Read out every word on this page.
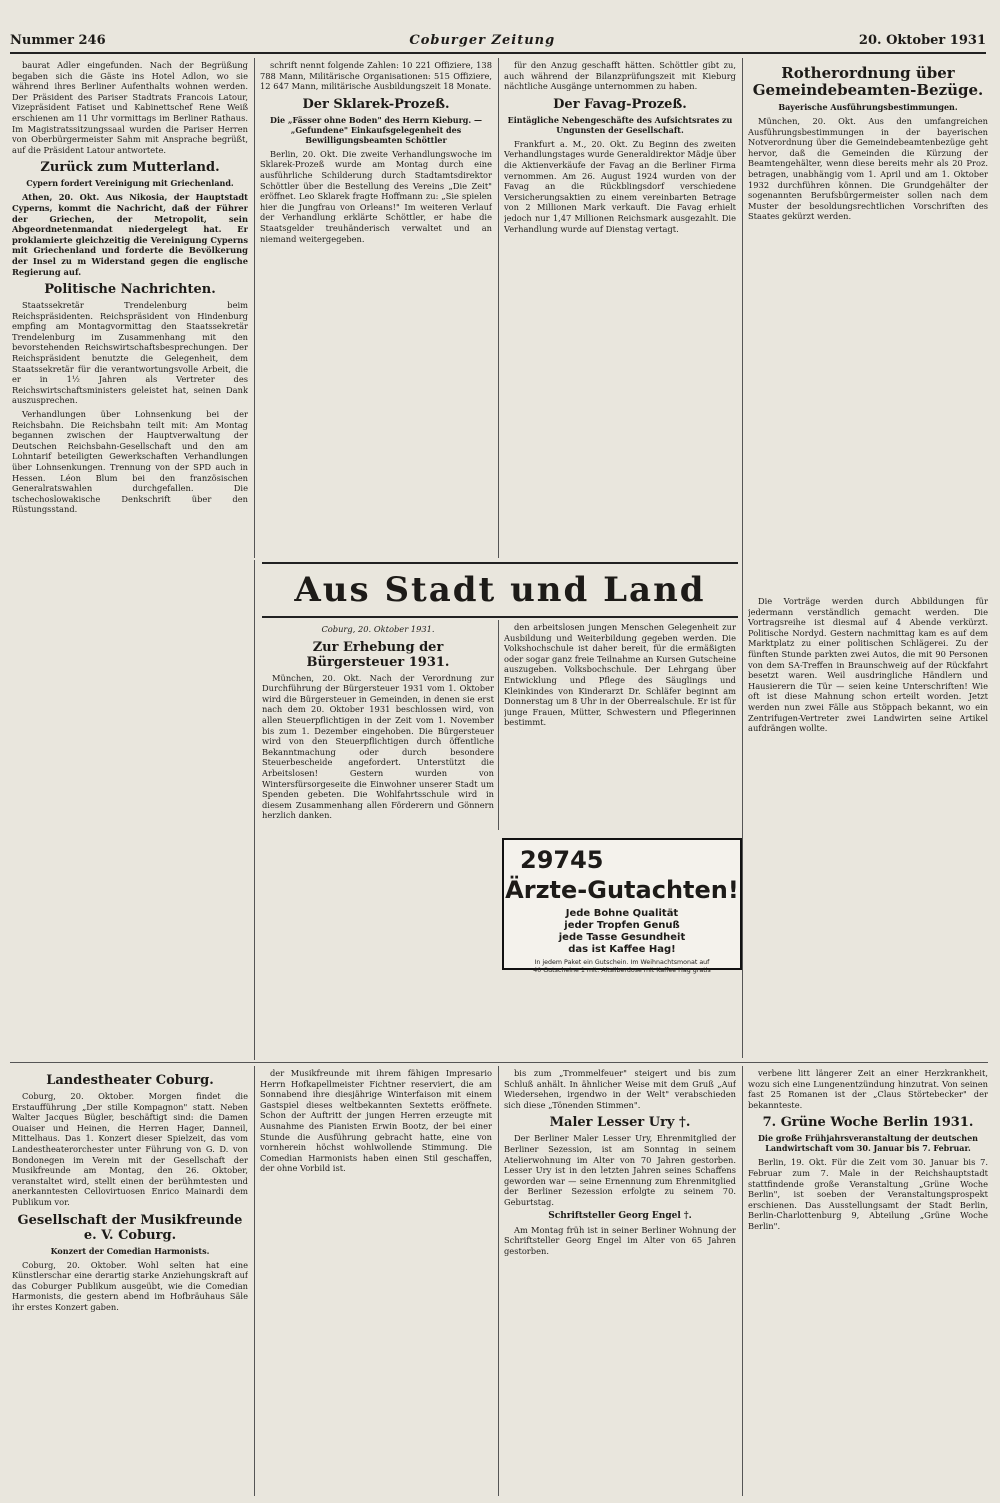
Nummer 246	Coburger Zeitung	20. Oktober 1931

baurat Adler eingefunden. Nach der Begrüßung begaben sich die Gäste ins Hotel Adlon, wo sie während ihres Berliner Aufenthalts wohnen werden. Der Präsident des Pariser Stadtrats Francois Latour, Vizepräsident Fatiset und Kabinettschef Rene Weiß erschienen am 11 Uhr vormittags im Berliner Rathaus. Im Magistratssitzungssaal wurden die Pariser Herren von Oberbürgermeister Sahm mit Ansprache begrüßt, auf die Präsident Latour antwortete.

Zurück zum Mutterland.
Cypern fordert Vereinigung mit Griechenland.

Athen, 20. Okt. Aus Nikosia, der Hauptstadt Cyperns, kommt die Nachricht, daß der Führer der Griechen, der Metropolit, sein Abgeordnetenmandat niedergelegt hat. Er proklamierte gleichzeitig die Vereinigung Cyperns mit Griechenland und forderte die Bevölkerung der Insel zu m Widerstand gegen die englische Regierung auf.

Politische Nachrichten.

Staatssekretär Trendelenburg beim Reichspräsidenten. Reichspräsident von Hindenburg empfing am Montagvormittag den Staatssekretär Trendelenburg im Zusammenhang mit den bevorstehenden Reichswirtschaftsbesprechungen. Der Reichspräsident benutzte die Gelegenheit, dem Staatssekretär für die verantwortungsvolle Arbeit, die er in 1½ Jahren als Vertreter des Reichswirtschaftsministers geleistet hat, seinen Dank auszusprechen.

Verhandlungen über Lohnsenkung bei der Reichsbahn. Die Reichsbahn teilt mit: Am Montag begannen zwischen der Hauptverwaltung der Deutschen Reichsbahn-Gesellschaft und den am Lohntarif beteiligten Gewerkschaften Verhandlungen über Lohnsenkungen. Trennung von der SPD auch in Hessen. Léon Blum bei den französischen Generalratswahlen durchgefallen. Die tschechoslowakische Denkschrift über den Rüstungsstand.

schrift nennt folgende Zahlen: 10 221 Offiziere, 138 788 Mann, Militärische Organisationen: 515 Offiziere, 12 647 Mann, militärische Ausbildungszeit 18 Monate.

Der Sklarek-Prozeß.
Die „Fässer ohne Boden" des Herrn Kieburg. — „Gefundene" Einkaufsgelegenheit des Bewilligungsbeamten Schöttler

Berlin, 20. Okt. Die zweite Verhandlungswoche im Sklarek-Prozeß wurde am Montag durch eine ausführliche Schilderung durch Stadtamtsdirektor Schöttler über die Bestellung des Vereins „Die Zeit" eröffnet. Leo Sklarek fragte Hoffmann zu: „Sie spielen hier die Jungfrau von Orleans!" Im weiteren Verlauf der Verhandlung erklärte Schöttler, er habe die Staatsgelder treuhänderisch verwaltet und an niemand weitergegeben.

für den Anzug geschafft hätten. Schöttler gibt zu, auch während der Bilanzprüfungszeit mit Kieburg nächtliche Ausgänge unternommen zu haben.

Der Favag-Prozeß.
Eintägliche Nebengeschäfte des Aufsichtsrates zu Ungunsten der Gesellschaft.

Frankfurt a. M., 20. Okt. Zu Beginn des zweiten Verhandlungstages wurde Generaldirektor Mädje über die Aktienverkäufe der Favag an die Berliner Firma vernommen. Am 26. August 1924 wurden von der Favag an die Rückblingsdorf verschiedene Versicherungsaktien zu einem vereinbarten Betrage von 2 Millionen Mark verkauft. Die Favag erhielt jedoch nur 1,47 Millionen Reichsmark ausgezahlt. Die Verhandlung wurde auf Dienstag vertagt.

Rotherordnung über Gemeindebeamten-Bezüge.
Bayerische Ausführungsbestimmungen.

München, 20. Okt. Aus den umfangreichen Ausführungsbestimmungen in der bayerischen Notverordnung über die Gemeindebeamtenbezüge geht hervor, daß die Gemeinden die Kürzung der Beamtengehälter, wenn diese bereits mehr als 20 Proz. betragen, unabhängig vom 1. April und am 1. Oktober 1932 durchführen können. Die Grundgehälter der sogenannten Berufsbürgermeister sollen nach dem Muster der besoldungsrechtlichen Vorschriften des Staates gekürzt werden.

Aus Stadt und Land
Coburg, 20. Oktober 1931.
Zur Erhebung der Bürgersteuer 1931.

München, 20. Okt. Nach der Verordnung zur Durchführung der Bürgersteuer 1931 vom 1. Oktober wird die Bürgersteuer in Gemeinden, in denen sie erst nach dem 20. Oktober 1931 beschlossen wird, von allen Steuerpflichtigen in der Zeit vom 1. November bis zum 1. Dezember eingehoben. Die Bürgersteuer wird von den Steuerpflichtigen durch öffentliche Bekanntmachung oder durch besondere Steuerbescheide angefordert. Unterstützt die Arbeitslosen! Gestern wurden von Wintersfürsorgeseite die Einwohner unserer Stadt um Spenden gebeten. Die Wohlfahrtsschule wird in diesem Zusammenhang allen Förderern und Gönnern herzlich danken.

den arbeitslosen jungen Menschen Gelegenheit zur Ausbildung und Weiterbildung gegeben werden. Die Volkshochschule ist daher bereit, für die ermäßigten oder sogar ganz freie Teilnahme an Kursen Gutscheine auszugeben. Volksbochschule. Der Lehrgang über Entwicklung und Pflege des Säuglings und Kleinkindes von Kinderarzt Dr. Schläfer beginnt am Donnerstag um 8 Uhr in der Oberrealschule. Er ist für junge Frauen, Mütter, Schwestern und Pflegerinnen bestimmt.

29745
Ärzte-Gutachten!
Jede Bohne Qualität
jeder Tropfen Genuß
jede Tasse Gesundheit
das ist Kaffee Hag!
In jedem Paket ein Gutschein. Im Weihnachtsmonat auf
40 Gutscheine 1 mit. Altsilberdose mit Kaffee Hag gratis

Die Vorträge werden durch Abbildungen für jedermann verständlich gemacht werden. Die Vortragsreihe ist diesmal auf 4 Abende verkürzt. Politische Nordyd. Gestern nachmittag kam es auf dem Marktplatz zu einer politischen Schlägerei. Zu der fünften Stunde parkten zwei Autos, die mit 90 Personen von dem SA-Treffen in Braunschweig auf der Rückfahrt besetzt waren. Weil ausdringliche Händlern und Hausierern die Tür — seien keine Unterschriften! Wie oft ist diese Mahnung schon erteilt worden. Jetzt werden nun zwei Fälle aus Stöppach bekannt, wo ein Zentrifugen-Vertreter zwei Landwirten seine Artikel aufdrängen wollte.

Landestheater Coburg.

Coburg, 20. Oktober. Morgen findet die Erstaufführung „Der stille Kompagnon" statt. Neben Walter Jacques Bügler, beschäftigt sind: die Damen Ouaiser und Heinen, die Herren Hager, Danneil, Mittelhaus. Das 1. Konzert dieser Spielzeit, das vom Landestheaterorchester unter Führung von G. D. von Bondonegen im Verein mit der Gesellschaft der Musikfreunde am Montag, den 26. Oktober, veranstaltet wird, stellt einen der berühmtesten und anerkanntesten Cellovirtuosen Enrico Mainardi dem Publikum vor.

Gesellschaft der Musikfreunde e. V. Coburg.
Konzert der Comedian Harmonists.

Coburg, 20. Oktober. Wohl selten hat eine Künstlerschar eine derartig starke Anziehungskraft auf das Coburger Publikum ausgeübt, wie die Comedian Harmonists, die gestern abend im Hofbräuhaus Säle ihr erstes Konzert gaben.

der Musikfreunde mit ihrem fähigen Impresario Herrn Hofkapellmeister Fichtner reserviert, die am Sonnabend ihre diesjährige Winterfaison mit einem Gastspiel dieses weltbekannten Sextetts eröffnete. Schon der Auftritt der jungen Herren erzeugte mit Ausnahme des Pianisten Erwin Bootz, der bei einer Stunde die Ausführung gebracht hatte, eine von vornherein höchst wohlwollende Stimmung. Die Comedian Harmonists haben einen Stil geschaffen, der ohne Vorbild ist.

bis zum „Trommelfeuer" steigert und bis zum Schluß anhält. In ähnlicher Weise mit dem Gruß „Auf Wiedersehen, irgendwo in der Welt" verabschieden sich diese „Tönenden Stimmen".

Maler Lesser Ury †.

Der Berliner Maler Lesser Ury, Ehrenmitglied der Berliner Sezession, ist am Sonntag in seinem Atelierwohnung im Alter von 70 Jahren gestorben. Lesser Ury ist in den letzten Jahren seines Schaffens geworden war — seine Ernennung zum Ehrenmitglied der Berliner Sezession erfolgte zu seinem 70. Geburtstag.

Schriftsteller Georg Engel †.

Am Montag früh ist in seiner Berliner Wohnung der Schriftsteller Georg Engel im Alter von 65 Jahren gestorben.

verbene litt längerer Zeit an einer Herzkrankheit, wozu sich eine Lungenentzündung hinzutrat. Von seinen fast 25 Romanen ist der „Claus Störtebecker" der bekannteste.

7. Grüne Woche Berlin 1931.
Die große Frühjahrsveranstaltung der deutschen Landwirtschaft vom 30. Januar bis 7. Februar.

Berlin, 19. Okt. Für die Zeit vom 30. Januar bis 7. Februar zum 7. Male in der Reichshauptstadt stattfindende große Veranstaltung „Grüne Woche Berlin", ist soeben der Veranstaltungsprospekt erschienen. Das Ausstellungsamt der Stadt Berlin, Berlin-Charlottenburg 9, Abteilung „Grüne Woche Berlin".
